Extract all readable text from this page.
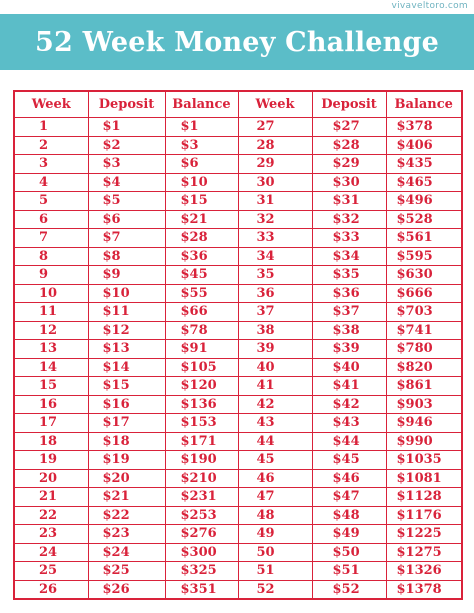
vivaveltoro.com
52 Week Money Challenge
Week	Deposit	Balance	Week	Deposit	Balance
1	$1	$1	27	$27	$378
2	$2	$3	28	$28	$406
3	$3	$6	29	$29	$435
4	$4	$10	30	$30	$465
5	$5	$15	31	$31	$496
6	$6	$21	32	$32	$528
7	$7	$28	33	$33	$561
8	$8	$36	34	$34	$595
9	$9	$45	35	$35	$630
10	$10	$55	36	$36	$666
11	$11	$66	37	$37	$703
12	$12	$78	38	$38	$741
13	$13	$91	39	$39	$780
14	$14	$105	40	$40	$820
15	$15	$120	41	$41	$861
16	$16	$136	42	$42	$903
17	$17	$153	43	$43	$946
18	$18	$171	44	$44	$990
19	$19	$190	45	$45	$1035
20	$20	$210	46	$46	$1081
21	$21	$231	47	$47	$1128
22	$22	$253	48	$48	$1176
23	$23	$276	49	$49	$1225
24	$24	$300	50	$50	$1275
25	$25	$325	51	$51	$1326
26	$26	$351	52	$52	$1378
